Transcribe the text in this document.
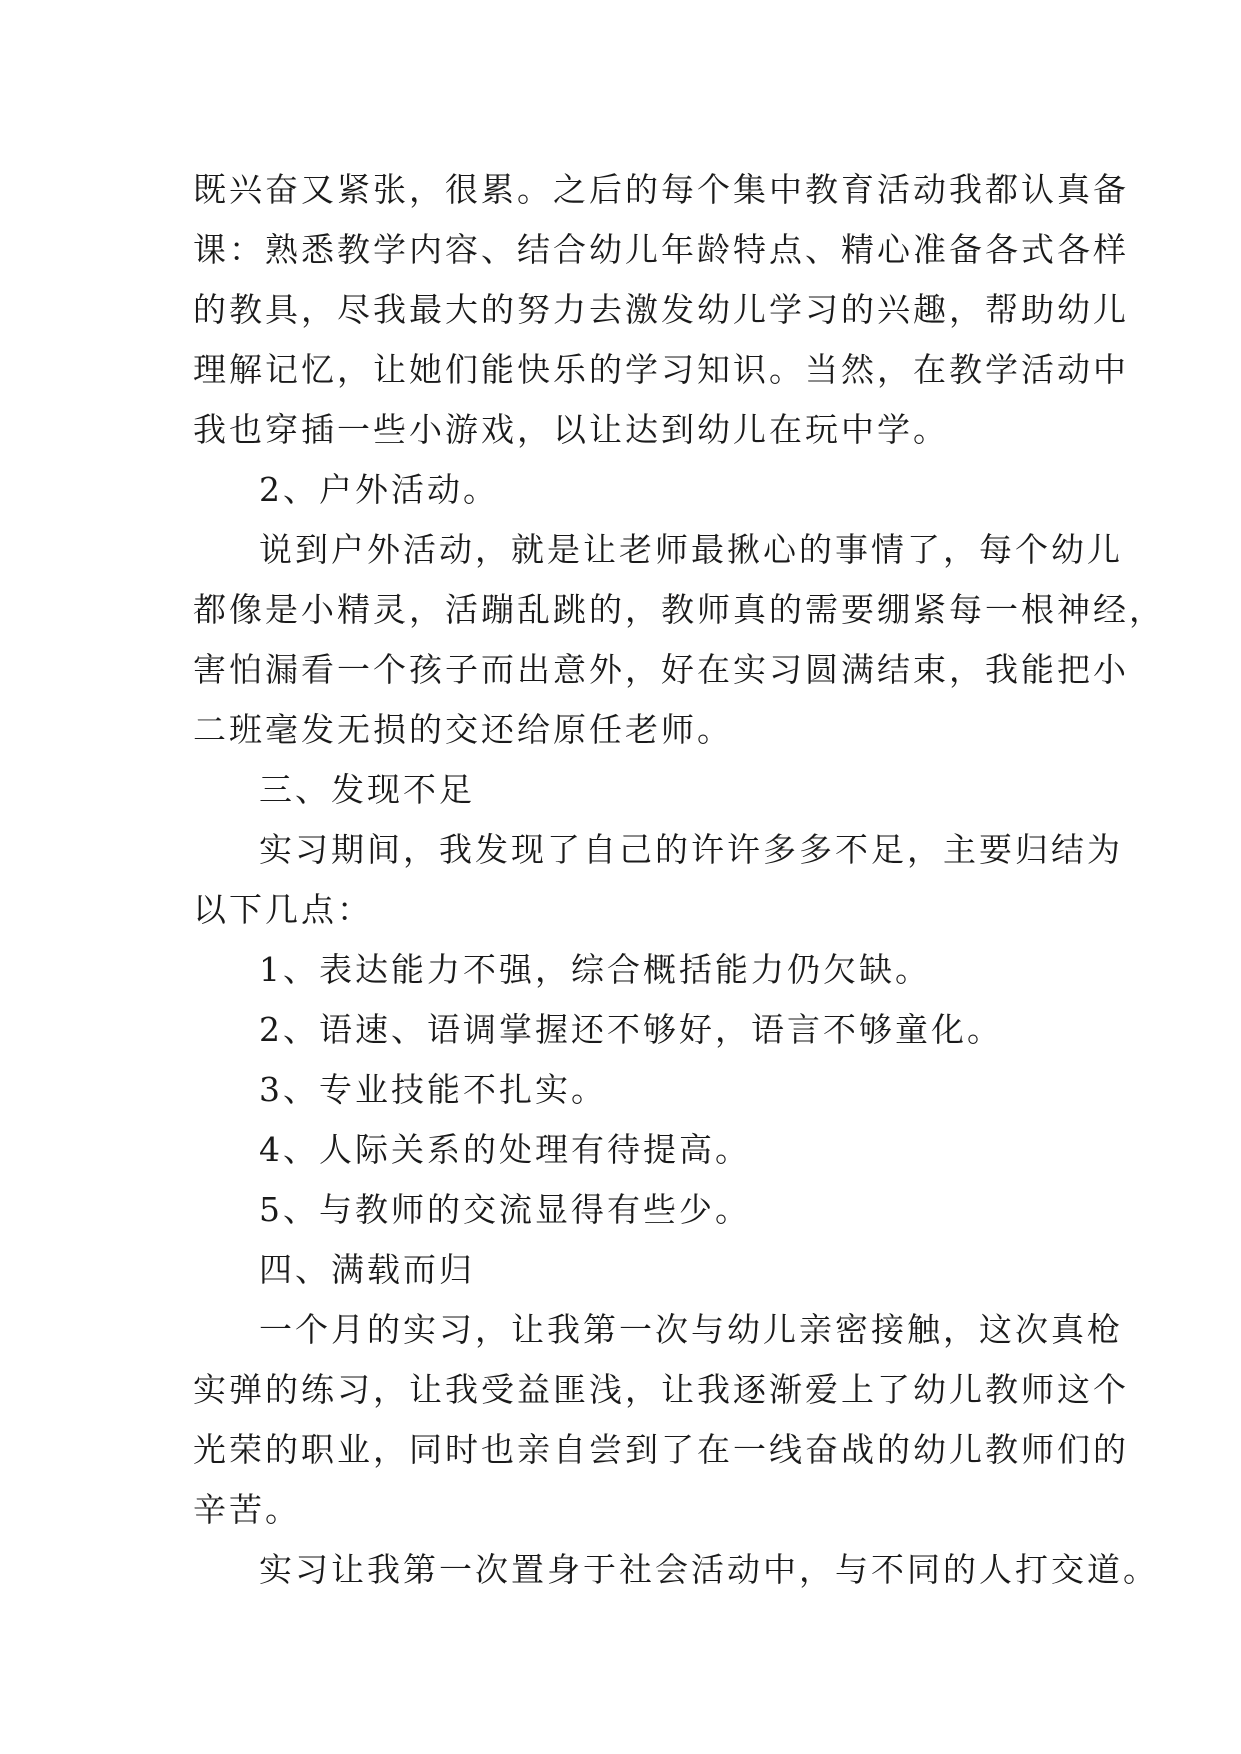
既兴奋又紧张，很累。之后的每个集中教育活动我都认真备
课：熟悉教学内容、结合幼儿年龄特点、精心准备各式各样
的教具，尽我最大的努力去激发幼儿学习的兴趣，帮助幼儿
理解记忆，让她们能快乐的学习知识。当然，在教学活动中
我也穿插一些小游戏，以让达到幼儿在玩中学。
2、户外活动。
说到户外活动，就是让老师最揪心的事情了，每个幼儿
都像是小精灵，活蹦乱跳的，教师真的需要绷紧每一根神经，
害怕漏看一个孩子而出意外，好在实习圆满结束，我能把小
二班毫发无损的交还给原任老师。
三、发现不足
实习期间，我发现了自己的许许多多不足，主要归结为
以下几点：
1、表达能力不强，综合概括能力仍欠缺。
2、语速、语调掌握还不够好，语言不够童化。
3、专业技能不扎实。
4、人际关系的处理有待提高。
5、与教师的交流显得有些少。
四、满载而归
一个月的实习，让我第一次与幼儿亲密接触，这次真枪
实弹的练习，让我受益匪浅，让我逐渐爱上了幼儿教师这个
光荣的职业，同时也亲自尝到了在一线奋战的幼儿教师们的
辛苦。
实习让我第一次置身于社会活动中，与不同的人打交道。
